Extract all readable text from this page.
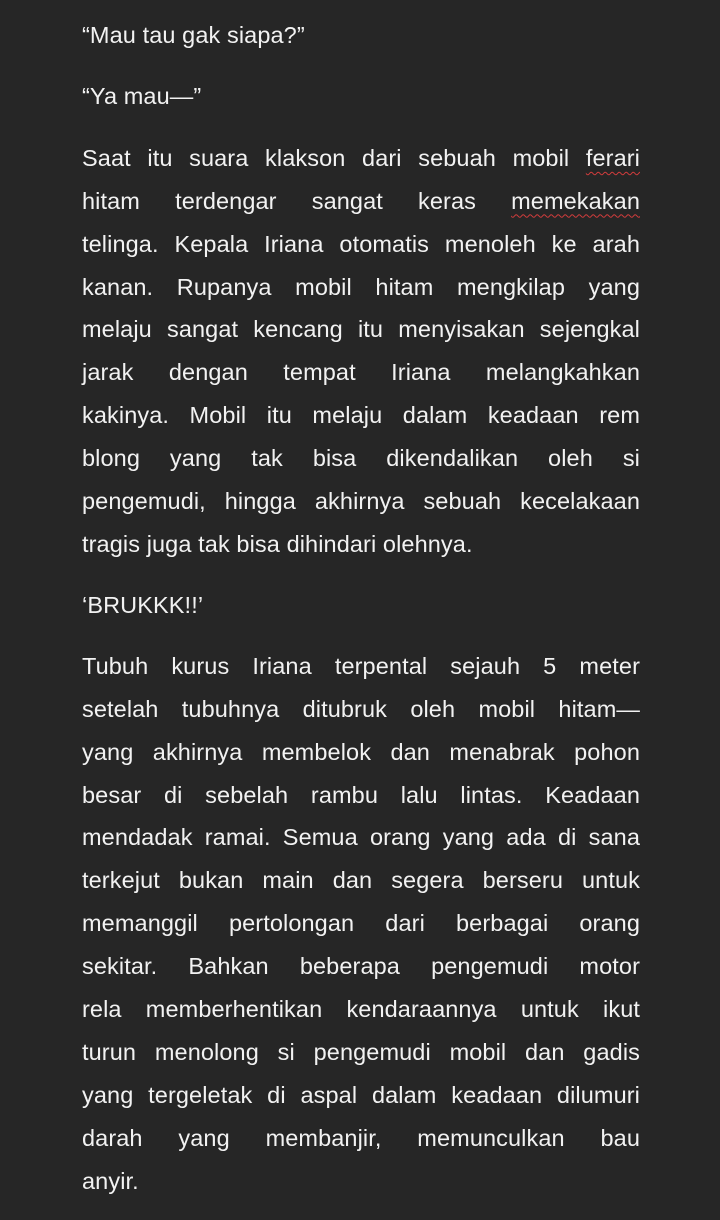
“Mau tau gak siapa?”

“Ya mau—”

Saat itu suara klakson dari sebuah mobil ferari
hitam terdengar sangat keras memekakan
telinga. Kepala Iriana otomatis menoleh ke arah
kanan. Rupanya mobil hitam mengkilap yang
melaju sangat kencang itu menyisakan sejengkal
jarak dengan tempat Iriana melangkahkan
kakinya. Mobil itu melaju dalam keadaan rem
blong yang tak bisa dikendalikan oleh si
pengemudi, hingga akhirnya sebuah kecelakaan
tragis juga tak bisa dihindari olehnya.

‘BRUKKK!!’

Tubuh kurus Iriana terpental sejauh 5 meter
setelah tubuhnya ditubruk oleh mobil hitam—
yang akhirnya membelok dan menabrak pohon
besar di sebelah rambu lalu lintas. Keadaan
mendadak ramai. Semua orang yang ada di sana
terkejut bukan main dan segera berseru untuk
memanggil pertolongan dari berbagai orang
sekitar. Bahkan beberapa pengemudi motor
rela memberhentikan kendaraannya untuk ikut
turun menolong si pengemudi mobil dan gadis
yang tergeletak di aspal dalam keadaan dilumuri
darah yang membanjir, memunculkan bau
anyir.
